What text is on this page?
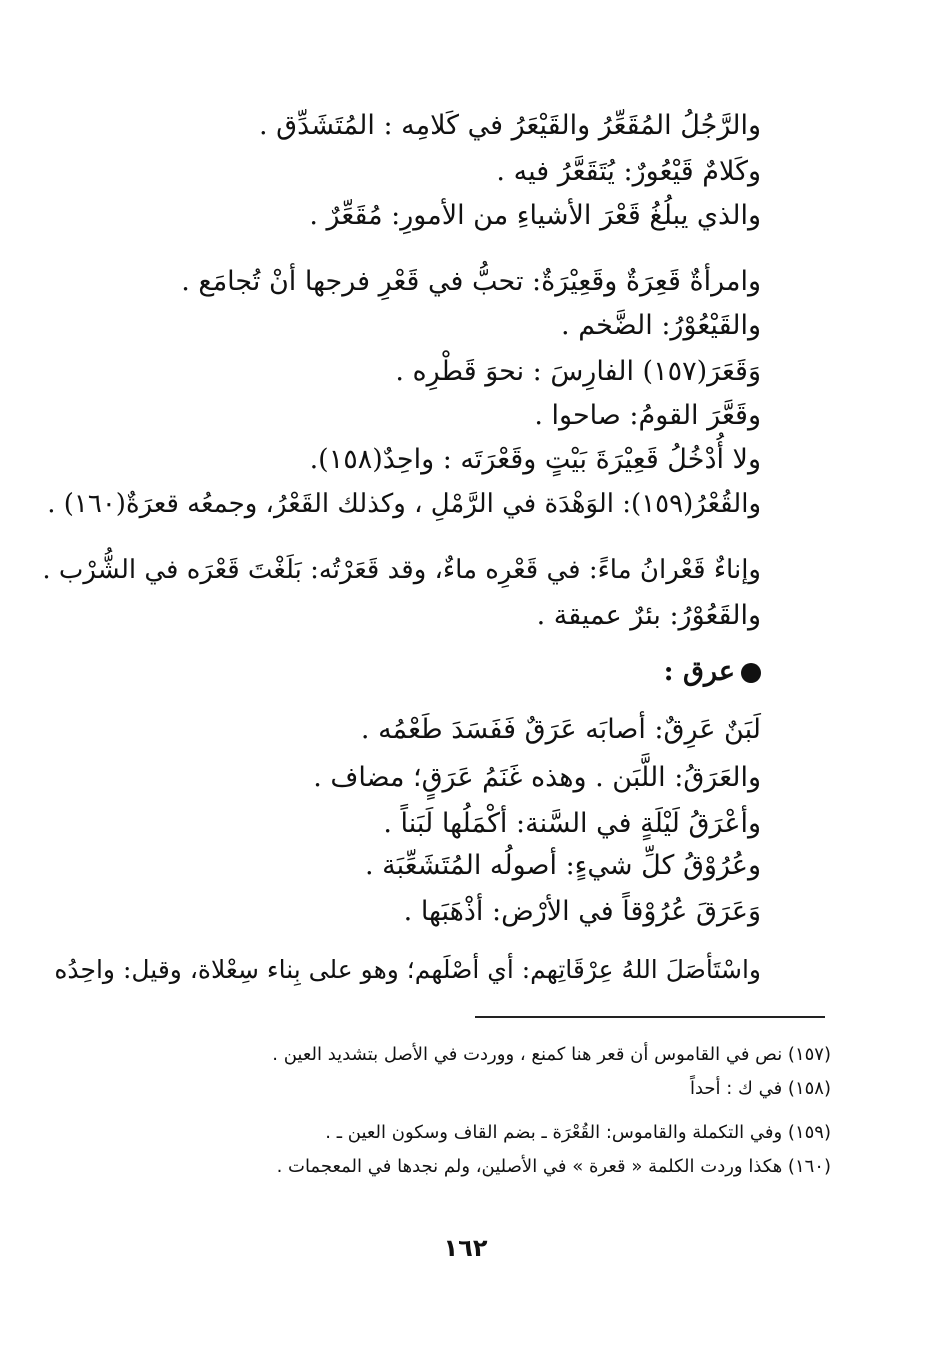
والرَّجُلُ المُقَعِّرُ والقَيْعَرُ في كَلامِه : المُتَشَدِّق .
وكَلامٌ قَيْعُورٌ: يُتَقَعَّرُ فيه .
والذي يبلُغُ قَعْرَ الأشياءِ من الأمورِ: مُقَعِّرٌ .
وامرأةٌ قَعِرَةٌ وقَعِيْرَةٌ: تحبُّ في قَعْرِ فرجها أنْ تُجامَع .
والقَيْعُوْرُ: الضَّخم .
وَقَعَرَ(١٥٧) الفارِسَ : نحوَ قَطْرِه .
وقَعَّرَ القومُ: صاحوا .
ولا أُدْخُلُ قَعِيْرَةَ بَيْتٍ وقَعْرَتَه : واحِدٌ(١٥٨).
والقُعْرُ(١٥٩): الوَهْدَة في الرَّمْلِ ، وكذلك القَعْرُ، وجمعُه قعرَةٌ(١٦٠) .
وإناءٌ قَعْرانُ ماءً: في قَعْرِه ماءٌ، وقد قَعَرْتُه: بَلَغْتَ قَعْرَه في الشُّرْب .
والقَعُوْرُ: بئرٌ عميقة .
عرق :
لَبَنٌ عَرِقٌ: أصابَه عَرَقٌ فَفَسَدَ طَعْمُه .
والعَرَقُ: اللَّبَن . وهذه غَنَمُ عَرَقٍ؛ مضاف .
وأعْرَقُ لَيْلَةٍ في السَّنة: أكْمَلُها لَبَناً .
وعُرُوْقُ كلِّ شيءٍ: أصولُه المُتَشَعِّبَة .
وَعَرَقَ عُرُوْقاً في الأرْض: أذْهَبَها .
واسْتَأصَلَ اللهُ عِرْقَاتِهم: أي أصْلَهم؛ وهو على بِناء سِعْلاة، وقيل: واحِدُه
(١٥٧) نص في القاموس أن قعر هنا كمنع ، ووردت في الأصل بتشديد العين .
(١٥٨) في ك : أحداً
(١٥٩) وفي التكملة والقاموس: القُعْرَة ـ بضم القاف وسكون العين ـ .
(١٦٠) هكذا وردت الكلمة « قعرة » في الأصلين، ولم نجدها في المعجمات .
١٦٢
